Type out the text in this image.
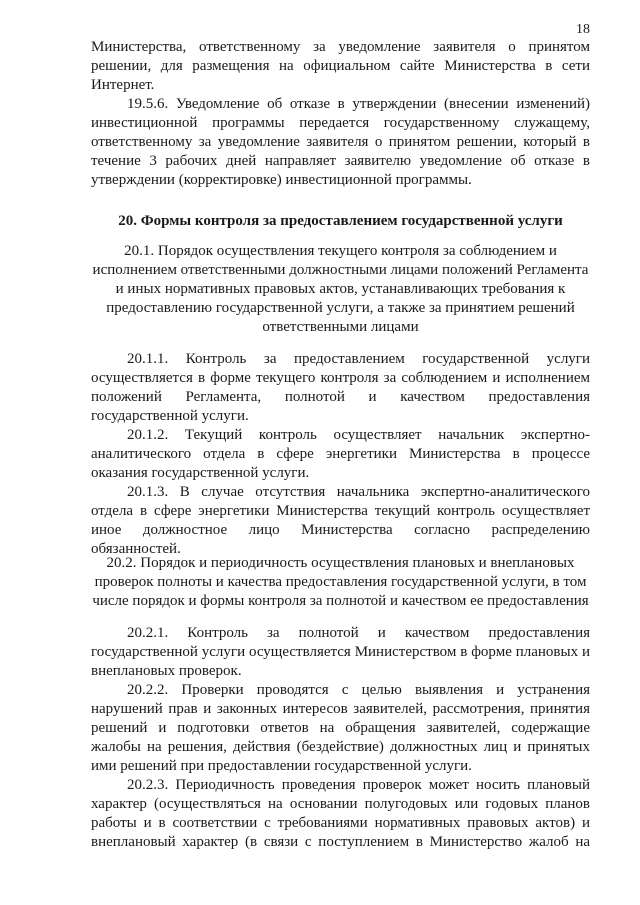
18
Министерства, ответственному за уведомление заявителя о принятом
решении, для размещения на официальном сайте Министерства в сети
Интернет.
19.5.6. Уведомление об отказе в утверждении (внесении изменений)
инвестиционной программы передается государственному служащему,
ответственному за уведомление заявителя о принятом решении, который в
течение 3 рабочих дней направляет заявителю уведомление об отказе в
утверждении (корректировке) инвестиционной программы.
20. Формы контроля за предоставлением государственной услуги
20.1. Порядок осуществления текущего контроля за соблюдением и
исполнением ответственными должностными лицами положений Регламента
и иных нормативных правовых актов, устанавливающих требования к
предоставлению государственной услуги, а также за принятием решений
ответственными лицами
20.1.1. Контроль за предоставлением государственной услуги
осуществляется в форме текущего контроля за соблюдением и исполнением
положений Регламента, полнотой и качеством предоставления
государственной услуги.
20.1.2. Текущий контроль осуществляет начальник экспертно-
аналитического отдела в сфере энергетики Министерства в процессе
оказания государственной услуги.
20.1.3. В случае отсутствия начальника экспертно-аналитического
отдела в сфере энергетики Министерства текущий контроль осуществляет
иное должностное лицо Министерства согласно распределению
обязанностей.
20.2. Порядок и периодичность осуществления плановых и внеплановых
проверок полноты и качества предоставления государственной услуги, в том
числе порядок и формы контроля за полнотой и качеством ее предоставления
20.2.1. Контроль за полнотой и качеством предоставления
государственной услуги осуществляется Министерством в форме плановых и
внеплановых проверок.
20.2.2. Проверки проводятся с целью выявления и устранения
нарушений прав и законных интересов заявителей, рассмотрения, принятия
решений и подготовки ответов на обращения заявителей, содержащие
жалобы на решения, действия (бездействие) должностных лиц и принятых
ими решений при предоставлении государственной услуги.
20.2.3. Периодичность проведения проверок может носить плановый
характер (осуществляться на основании полугодовых или годовых планов
работы и в соответствии с требованиями нормативных правовых актов) и
внеплановый характер (в связи с поступлением в Министерство жалоб на
